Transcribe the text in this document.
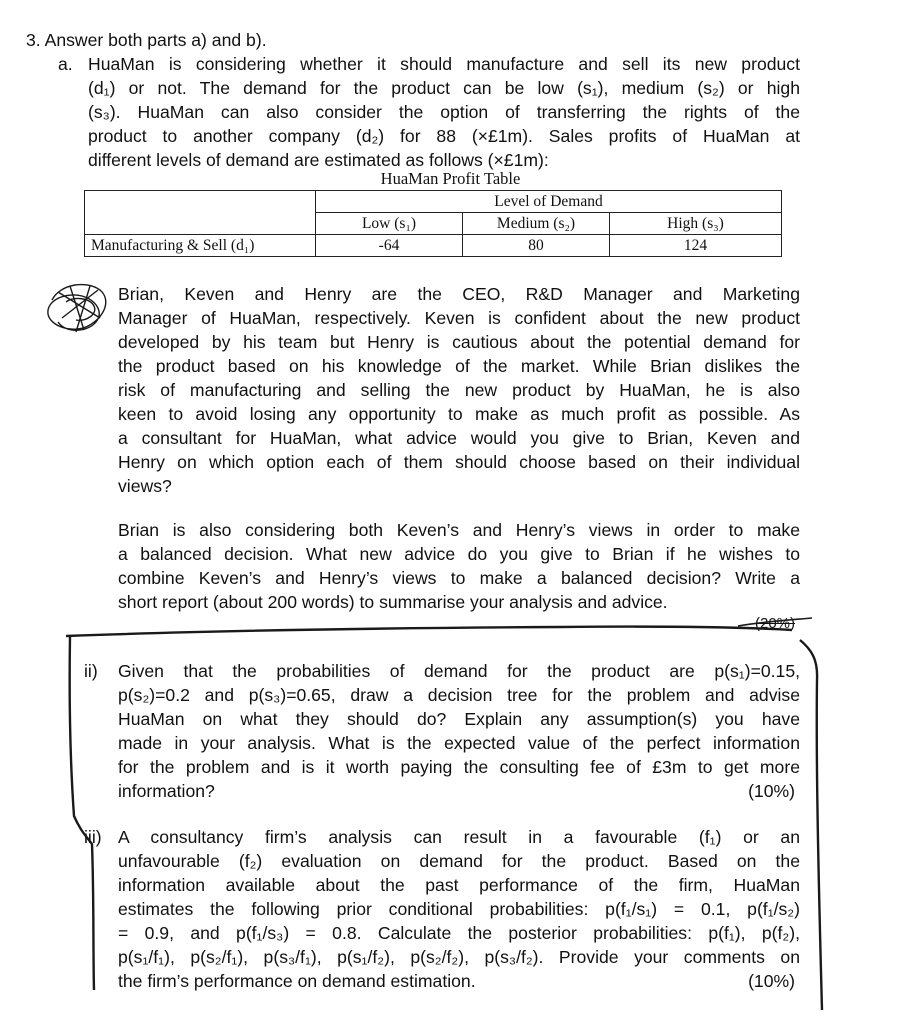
3. Answer both parts a) and b).
a. HuaMan is considering whether it should manufacture and sell its new product
(d₁) or not. The demand for the product can be low (s₁), medium (s₂) or high
(s₃). HuaMan can also consider the option of transferring the rights of the
product to another company (d₂) for 88 (×£1m). Sales profits of HuaMan at
different levels of demand are estimated as follows (×£1m):
HuaMan Profit Table
	Level of Demand		
	Low (s₁)	Medium (s₂)	High (s₃)
Manufacturing & Sell (d₁)	-64	80	124
Brian, Keven and Henry are the CEO, R&D Manager and Marketing
Manager of HuaMan, respectively. Keven is confident about the new product
developed by his team but Henry is cautious about the potential demand for
the product based on his knowledge of the market. While Brian dislikes the
risk of manufacturing and selling the new product by HuaMan, he is also
keen to avoid losing any opportunity to make as much profit as possible. As
a consultant for HuaMan, what advice would you give to Brian, Keven and
Henry on which option each of them should choose based on their individual
views?
Brian is also considering both Keven’s and Henry’s views in order to make
a balanced decision. What new advice do you give to Brian if he wishes to
combine Keven’s and Henry’s views to make a balanced decision? Write a
short report (about 200 words) to summarise your analysis and advice.
(20%)
ii) Given that the probabilities of demand for the product are p(s₁)=0.15,
p(s₂)=0.2 and p(s₃)=0.65, draw a decision tree for the problem and advise
HuaMan on what they should do? Explain any assumption(s) you have
made in your analysis. What is the expected value of the perfect information
for the problem and is it worth paying the consulting fee of £3m to get more
information?	(10%)
iii) A consultancy firm’s analysis can result in a favourable (f₁) or an
unfavourable (f₂) evaluation on demand for the product. Based on the
information available about the past performance of the firm, HuaMan
estimates the following prior conditional probabilities: p(f₁/s₁) = 0.1, p(f₁/s₂)
= 0.9, and p(f₁/s₃) = 0.8. Calculate the posterior probabilities: p(f₁), p(f₂),
p(s₁/f₁), p(s₂/f₁), p(s₃/f₁), p(s₁/f₂), p(s₂/f₂), p(s₃/f₂). Provide your comments on
the firm’s performance on demand estimation.	(10%)
